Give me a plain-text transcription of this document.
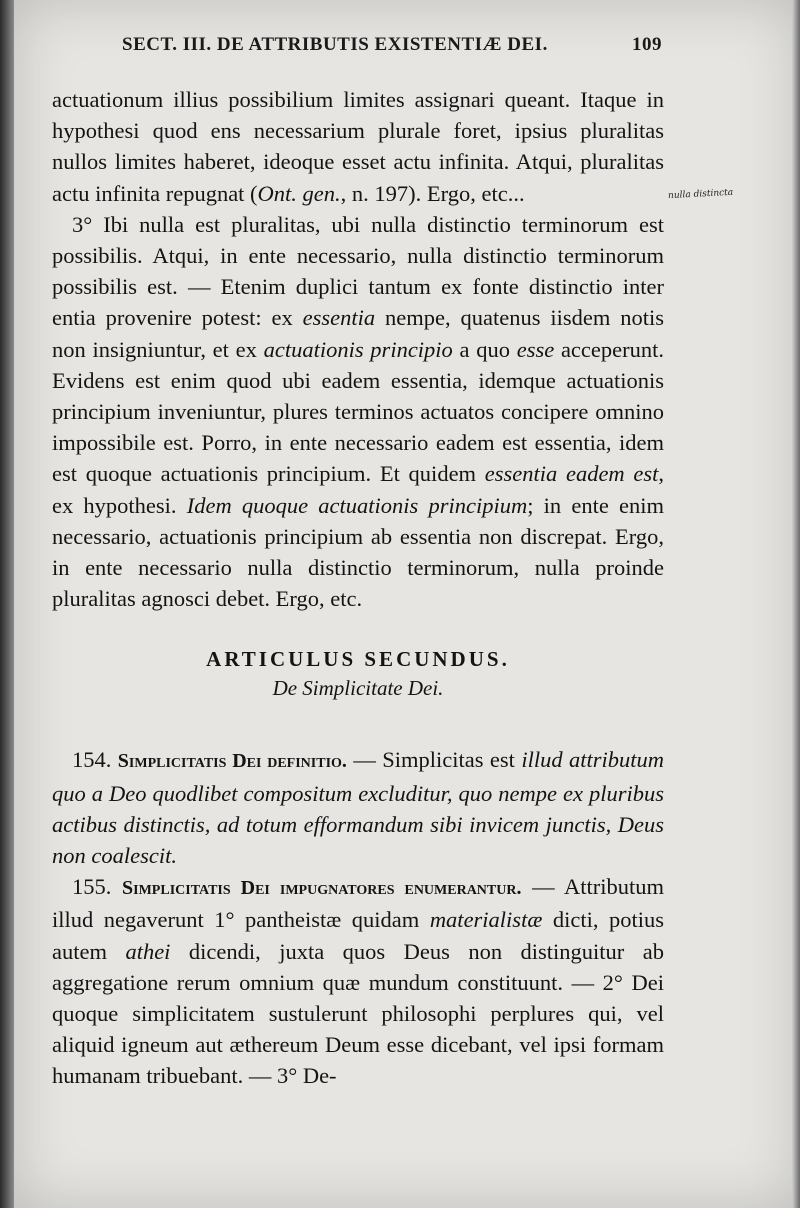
SECT. III. DE ATTRIBUTIS EXISTENTIÆ DEI.	109
nulla distincta

actuationum illius possibilium limites assignari queant. Itaque in hypothesi quod ens necessarium plurale foret, ipsius pluralitas nullos limites haberet, ideoque esset actu infinita. Atqui, pluralitas actu infinita repugnat (Ont. gen., n. 197). Ergo, etc...

3° Ibi nulla est pluralitas, ubi nulla distinctio terminorum est possibilis. Atqui, in ente necessario, nulla distinctio terminorum possibilis est. — Etenim duplici tantum ex fonte distinctio inter entia provenire potest: ex essentia nempe, quatenus iisdem notis non insigniuntur, et ex actuationis principio a quo esse acceperunt. Evidens est enim quod ubi eadem essentia, idemque actuationis principium inveniuntur, plures terminos actuatos concipere omnino impossibile est. Porro, in ente necessario eadem est essentia, idem est quoque actuationis principium. Et quidem essentia eadem est, ex hypothesi. Idem quoque actuationis principium; in ente enim necessario, actuationis principium ab essentia non discrepat. Ergo, in ente necessario nulla distinctio terminorum, nulla proinde pluralitas agnosci debet. Ergo, etc.

ARTICULUS SECUNDUS.
De Simplicitate Dei.

154. Simplicitatis Dei definitio. — Simplicitas est illud attributum quo a Deo quodlibet compositum excluditur, quo nempe ex pluribus actibus distinctis, ad totum efformandum sibi invicem junctis, Deus non coalescit.

155. Simplicitatis Dei impugnatores enumerantur. — Attributum illud negaverunt 1° pantheistæ quidam materialistæ dicti, potius autem athei dicendi, juxta quos Deus non distinguitur ab aggregatione rerum omnium quæ mundum constituunt. — 2° Dei quoque simplicitatem sustulerunt philosophi perplures qui, vel aliquid igneum aut æthereum Deum esse dicebant, vel ipsi formam humanam tribuebant. — 3° De-
